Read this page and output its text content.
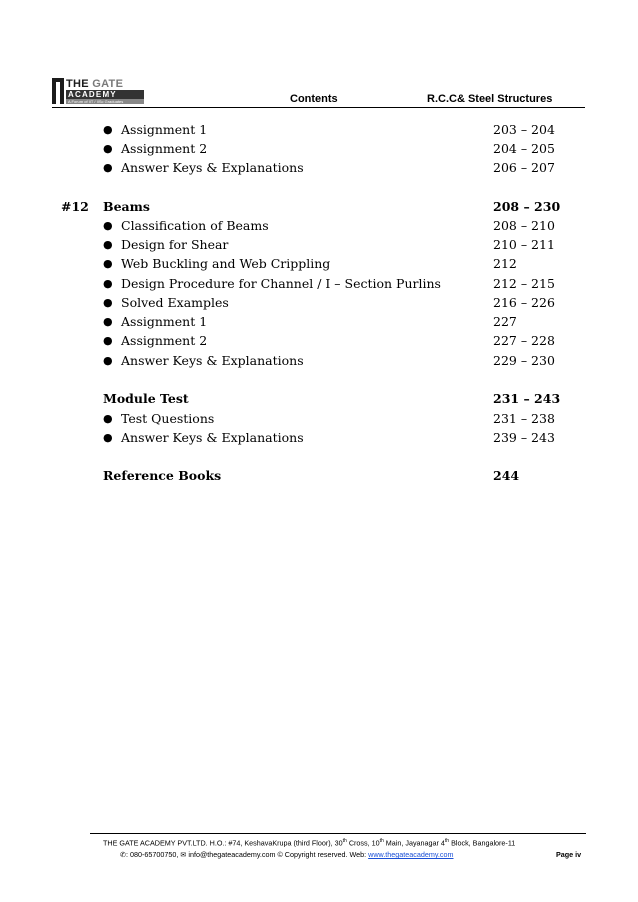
THE GATE
ACADEMY
A Forum of IIT / IISc Graduates	Contents	R.C.C& Steel Structures
● Assignment 1	203 – 204
● Assignment 2	204 – 205
● Answer Keys & Explanations	206 – 207
#12 Beams	208 – 230
● Classification of Beams	208 – 210
● Design for Shear	210 – 211
● Web Buckling and Web Crippling	212
● Design Procedure for Channel / I – Section Purlins	212 – 215
● Solved Examples	216 – 226
● Assignment 1	227
● Assignment 2	227 – 228
● Answer Keys & Explanations	229 – 230
Module Test	231 – 243
● Test Questions	231 – 238
● Answer Keys & Explanations	239 – 243
Reference Books	244
THE GATE ACADEMY PVT.LTD. H.O.: #74, KeshavaKrupa (third Floor), 30th Cross, 10th Main, Jayanagar 4th Block, Bangalore-11
✆: 080-65700750, ✉ info@thegateacademy.com © Copyright reserved. Web: www.thegateacademy.com	Page iv
